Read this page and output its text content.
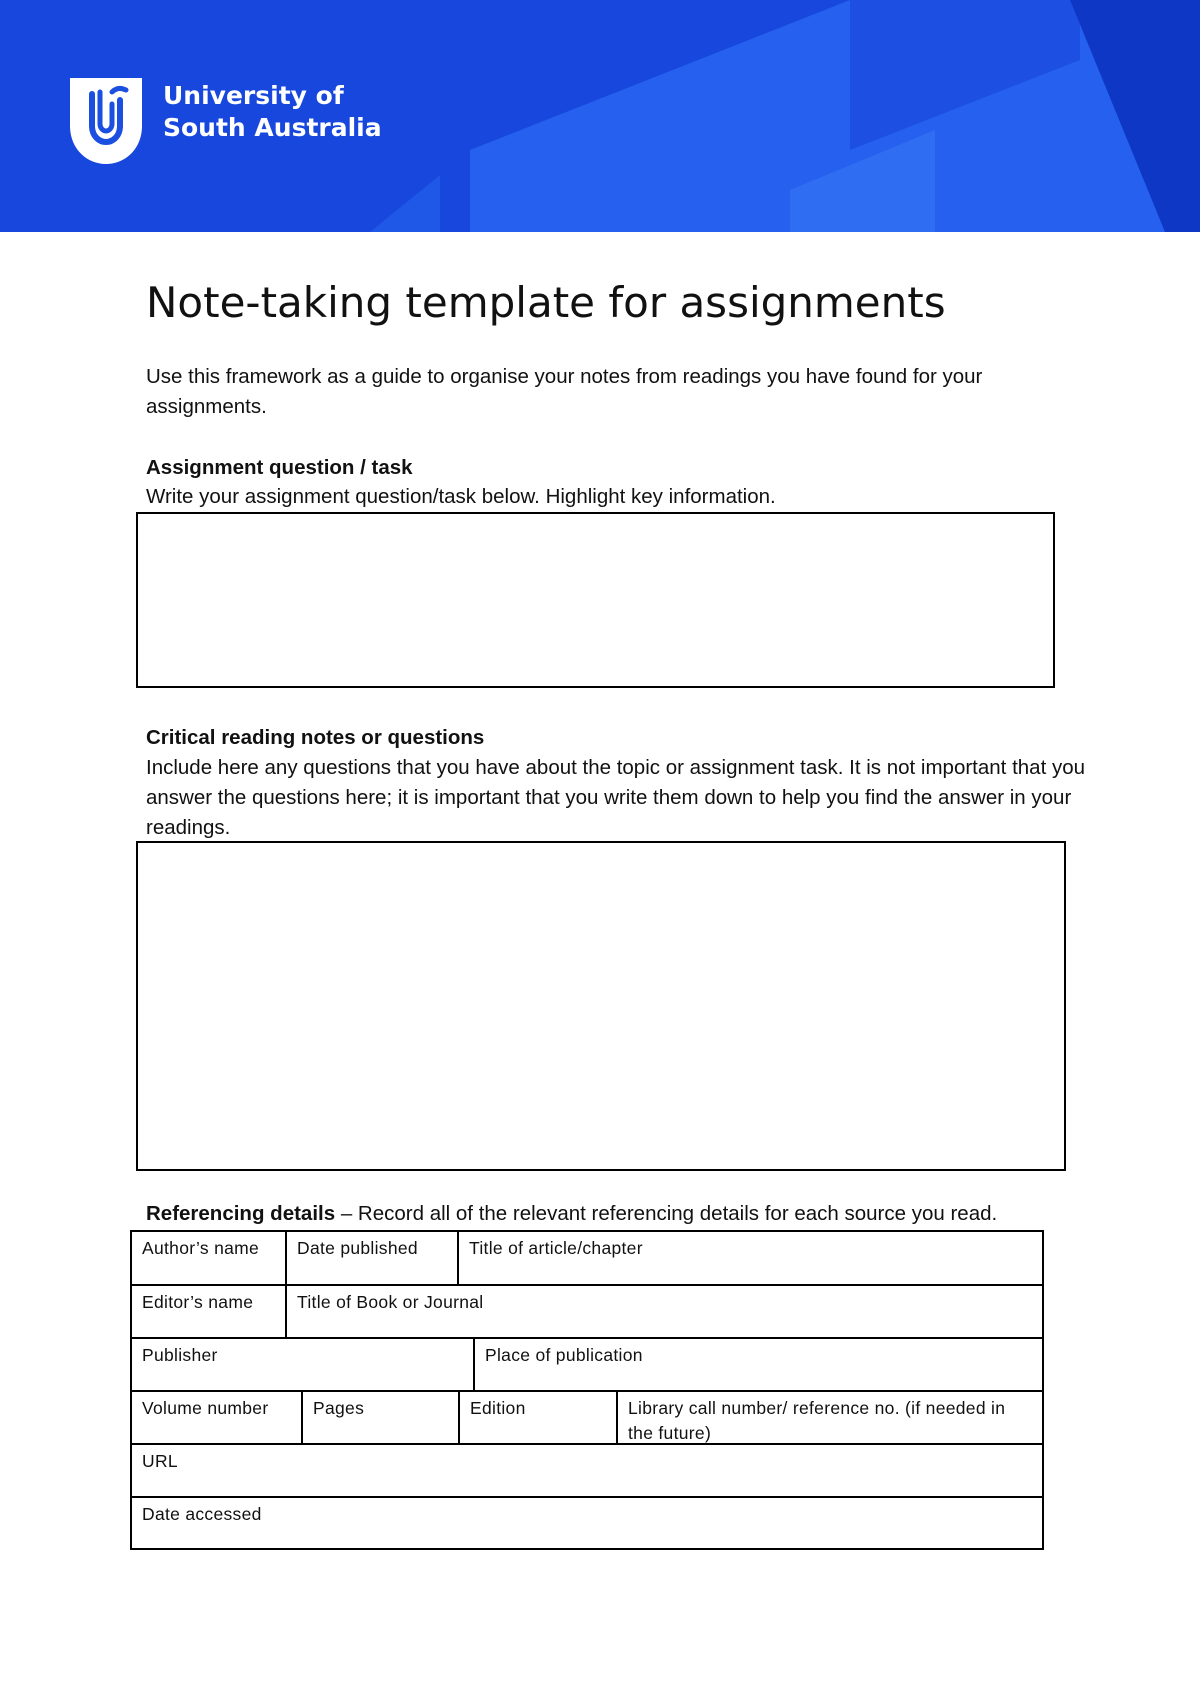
University of
South Australia
Note-taking template for assignments
Use this framework as a guide to organise your notes from readings you have found for your assignments.
Assignment question / task
Write your assignment question/task below. Highlight key information.
Critical reading notes or questions
Include here any questions that you have about the topic or assignment task. It is not important that you answer the questions here; it is important that you write them down to help you find the answer in your readings.
Referencing details – Record all of the relevant referencing details for each source you read.
Author’s name	Date published	Title of article/chapter
Editor’s name	Title of Book or Journal
Publisher	Place of publication
Volume number	Pages	Edition	Library call number/ reference no. (if needed in the future)
URL
Date accessed
